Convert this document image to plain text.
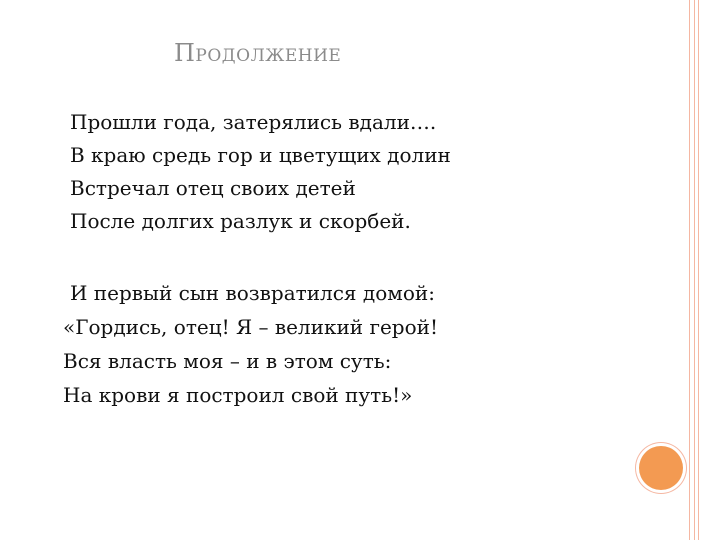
Продолжение
Прошли года, затерялись вдали….
В краю средь гор и цветущих долин
Встречал отец своих детей
После долгих разлук и скорбей.
И первый сын возвратился домой:
«Гордись, отец! Я – великий герой!
Вся власть моя – и в этом суть:
На крови я построил свой путь!»
